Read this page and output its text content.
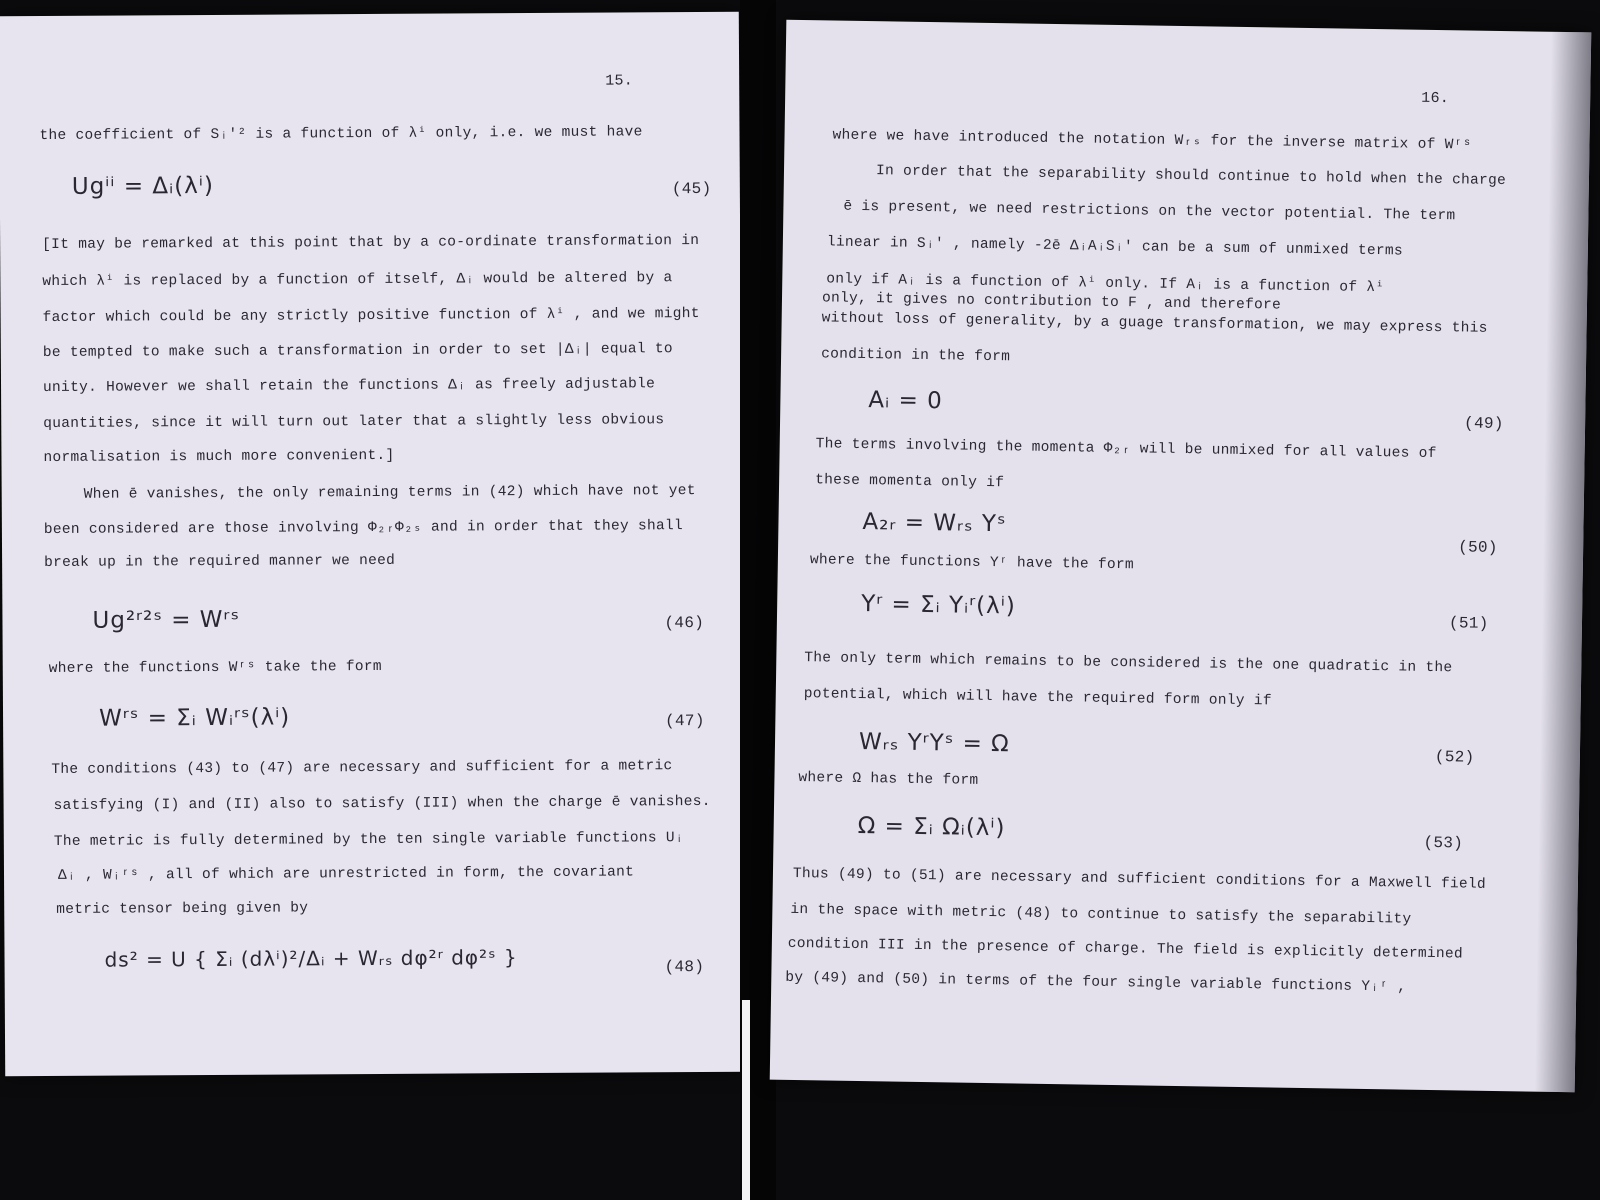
15.
the coefficient of Sᵢ′² is a function of λⁱ only, i.e. we must have
Ugⁱⁱ = Δᵢ(λⁱ)	(45)
[It may be remarked at this point that by a co-ordinate transformation in
which λⁱ is replaced by a function of itself, Δᵢ would be altered by a
factor which could be any strictly positive function of λⁱ , and we might
be tempted to make such a transformation in order to set |Δᵢ| equal to
unity. However we shall retain the functions Δᵢ as freely adjustable
quantities, since it will turn out later that a slightly less obvious
normalisation is much more convenient.]
When ē vanishes, the only remaining terms in (42) which have not yet
been considered are those involving Φ₂ᵣΦ₂ₛ and in order that they shall
break up in the required manner we need
Ug²ʳ²ˢ = Wʳˢ	(46)
where the functions Wʳˢ take the form
Wʳˢ = Σᵢ Wᵢʳˢ(λⁱ)	(47)
The conditions (43) to (47) are necessary and sufficient for a metric
satisfying (I) and (II) also to satisfy (III) when the charge ē vanishes.
The metric is fully determined by the ten single variable functions Uᵢ
Δᵢ , Wᵢʳˢ , all of which are unrestricted in form, the covariant
metric tensor being given by
ds² = U { Σᵢ (dλⁱ)²/Δᵢ + Wᵣₛ dφ²ʳ dφ²ˢ }	(48)
16.
where we have introduced the notation Wᵣₛ for the inverse matrix of Wʳˢ
In order that the separability should continue to hold when the charge
ē is present, we need restrictions on the vector potential. The term
linear in Sᵢ′ , namely -2ē ΔᵢAᵢSᵢ′ can be a sum of unmixed terms
only if Aᵢ is a function of λⁱ only. If Aᵢ is a function of λⁱ
only, it gives no contribution to F , and therefore
without loss of generality, by a guage transformation, we may express this
condition in the form
Aᵢ = 0
(49)
The terms involving the momenta Φ₂ᵣ will be unmixed for all values of
these momenta only if
A₂ᵣ = Wᵣₛ Yˢ
(50)
where the functions Yʳ have the form
Yʳ = Σᵢ Yᵢʳ(λⁱ)
(51)
The only term which remains to be considered is the one quadratic in the
potential, which will have the required form only if
Wᵣₛ YʳYˢ = Ω	(52)
where Ω has the form
Ω = Σᵢ Ωᵢ(λⁱ)
(53)
Thus (49) to (51) are necessary and sufficient conditions for a Maxwell field
in the space with metric (48) to continue to satisfy the separability
condition III in the presence of charge. The field is explicitly determined
by (49) and (50) in terms of the four single variable functions Yᵢʳ ,
